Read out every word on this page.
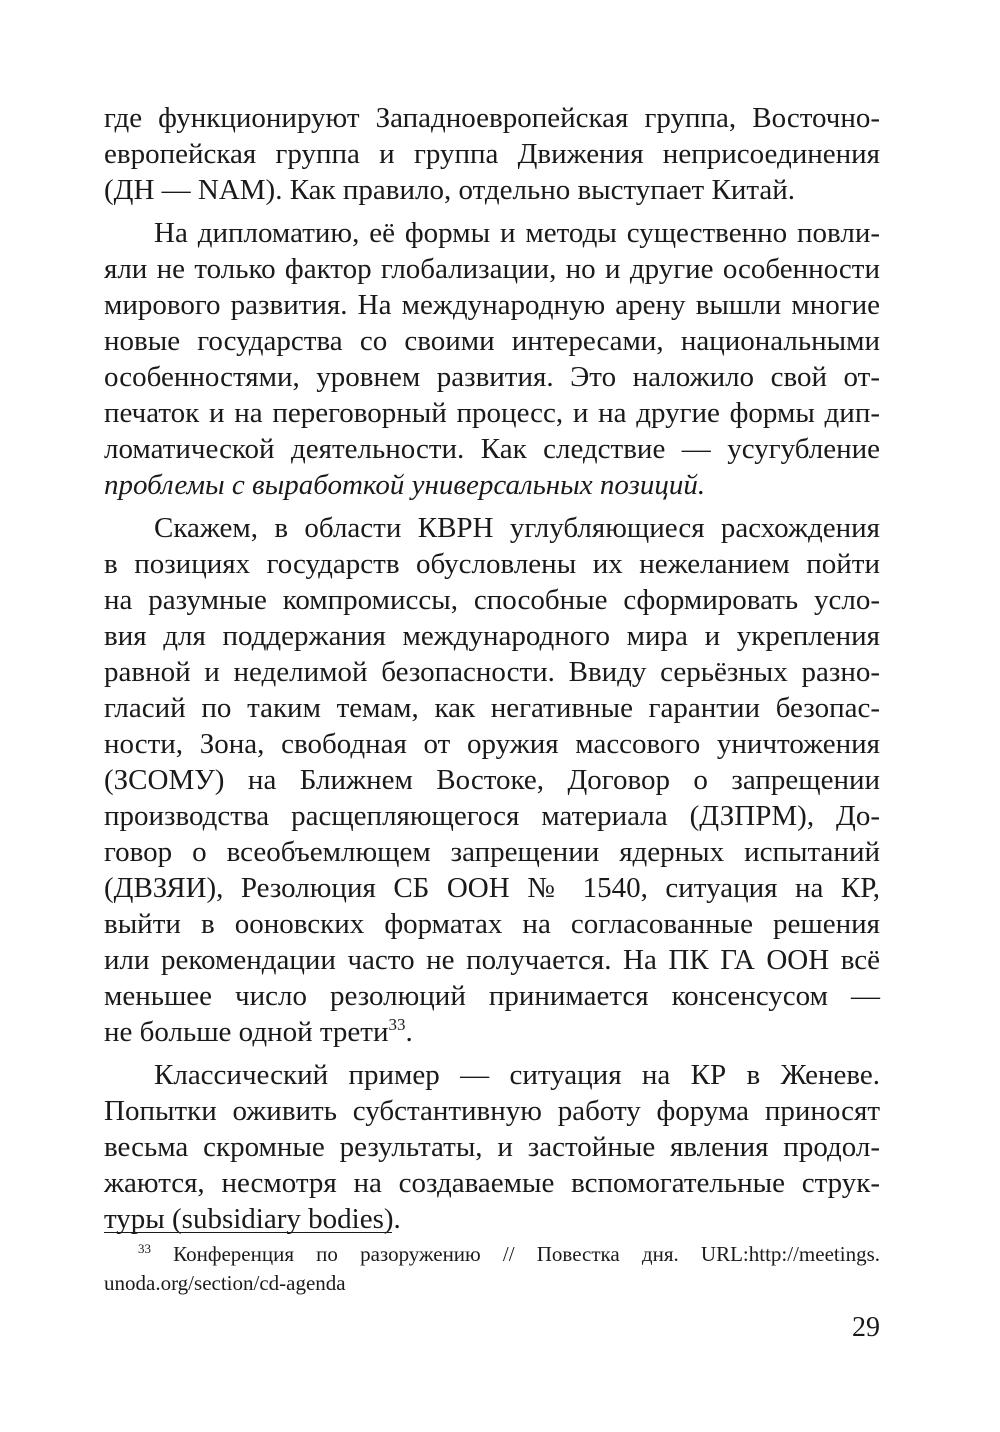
где функционируют Западноевропейская группа, Восточно-
европейская группа и группа Движения неприсоединения
(ДН — NAM). Как правило, отдельно выступает Китай.

На дипломатию, её формы и методы существенно повли-
яли не только фактор глобализации, но и другие особенности
мирового развития. На международную арену вышли многие
новые государства со своими интересами, национальными
особенностями, уровнем развития. Это наложило свой от-
печаток и на переговорный процесс, и на другие формы дип-
ломатической деятельности. Как следствие — усугубление
проблемы с выработкой универсальных позиций.

Скажем, в области КВРН углубляющиеся расхождения
в позициях государств обусловлены их нежеланием пойти
на разумные компромиссы, способные сформировать усло-
вия для поддержания международного мира и укрепления
равной и неделимой безопасности. Ввиду серьёзных разно-
гласий по таким темам, как негативные гарантии безопас-
ности, Зона, свободная от оружия массового уничтожения
(ЗСОМУ) на Ближнем Востоке, Договор о запрещении
производства расщепляющегося материала (ДЗПРМ), До-
говор о всеобъемлющем запрещении ядерных испытаний
(ДВЗЯИ), Резолюция СБ ООН № 1540, ситуация на КР,
выйти в ооновских форматах на согласованные решения
или рекомендации часто не получается. На ПК ГА ООН всё
меньшее число резолюций принимается консенсусом —
не больше одной трети$^{33}$.

Классический пример — ситуация на КР в Женеве.
Попытки оживить субстантивную работу форума приносят
весьма скромные результаты, и застойные явления продол-
жаются, несмотря на создаваемые вспомогательные струк-
туры (subsidiary bodies).

$^{33}$ Конференция по разоружению // Повестка дня. URL:http://meetings.
unoda.org/section/cd-agenda
29
